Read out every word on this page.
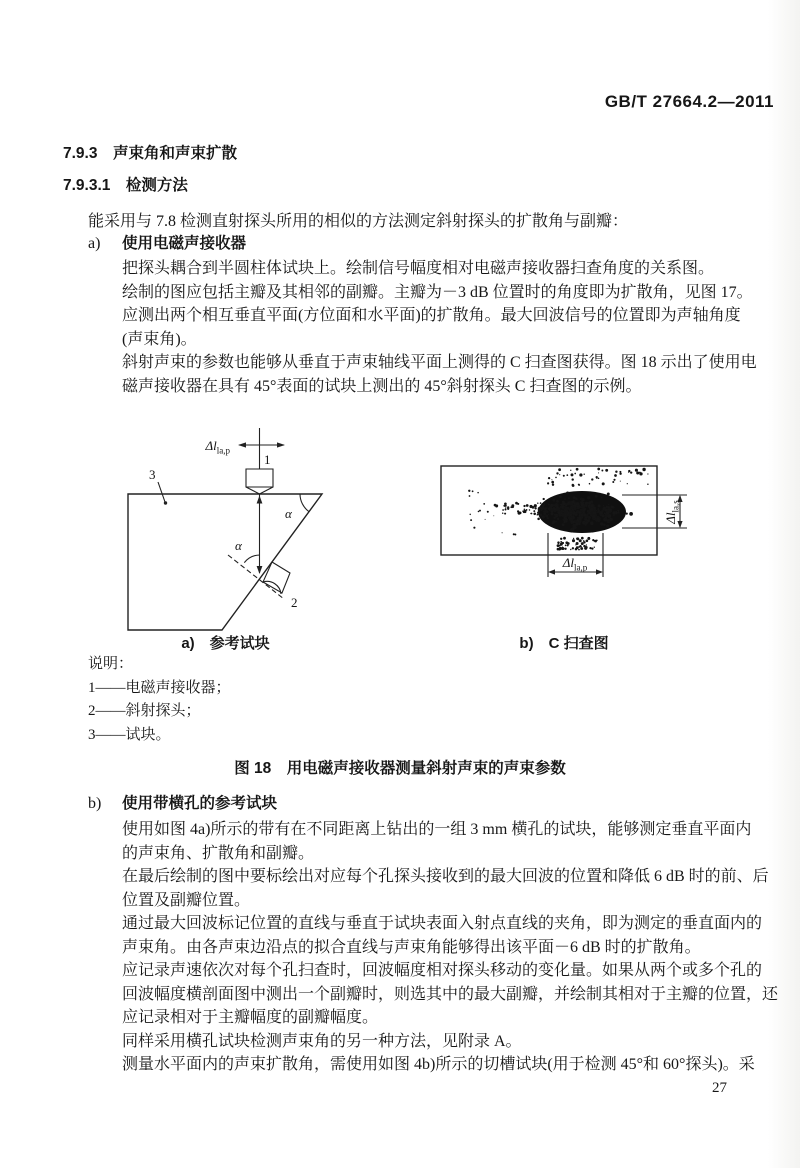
GB/T 27664.2—2011
7.9.3　声束角和声束扩散
7.9.3.1　检测方法
能采用与 7.8 检测直射探头所用的相似的方法测定斜射探头的扩散角与副瓣：
a) 使用电磁声接收器
把探头耦合到半圆柱体试块上。绘制信号幅度相对电磁声接收器扫查角度的关系图。
绘制的图应包括主瓣及其相邻的副瓣。主瓣为－3 dB 位置时的角度即为扩散角，见图 17。
应测出两个相互垂直平面(方位面和水平面)的扩散角。最大回波信号的位置即为声轴角度
(声束角)。
斜射声束的参数也能够从垂直于声束轴线平面上测得的 C 扫查图获得。图 18 示出了使用电
磁声接收器在具有 45°表面的试块上测出的 45°斜射探头 C 扫查图的示例。
$\Delta l_{la,p}$
1
3
α
α
2
a)　参考试块
$\Delta l_{la,s}$
$\Delta l_{la,p}$
b)　C 扫查图
说明：
1——电磁声接收器；
2——斜射探头；
3——试块。
图 18　用电磁声接收器测量斜射声束的声束参数
b) 使用带横孔的参考试块
使用如图 4a)所示的带有在不同距离上钻出的一组 3 mm 横孔的试块，能够测定垂直平面内
的声束角、扩散角和副瓣。
在最后绘制的图中要标绘出对应每个孔探头接收到的最大回波的位置和降低 6 dB 时的前、后
位置及副瓣位置。
通过最大回波标记位置的直线与垂直于试块表面入射点直线的夹角，即为测定的垂直面内的
声束角。由各声束边沿点的拟合直线与声束角能够得出该平面－6 dB 时的扩散角。
应记录声速依次对每个孔扫查时，回波幅度相对探头移动的变化量。如果从两个或多个孔的
回波幅度横剖面图中测出一个副瓣时，则选其中的最大副瓣，并绘制其相对于主瓣的位置，还
应记录相对于主瓣幅度的副瓣幅度。
同样采用横孔试块检测声束角的另一种方法，见附录 A。
测量水平面内的声束扩散角，需使用如图 4b)所示的切槽试块(用于检测 45°和 60°探头)。采
27
